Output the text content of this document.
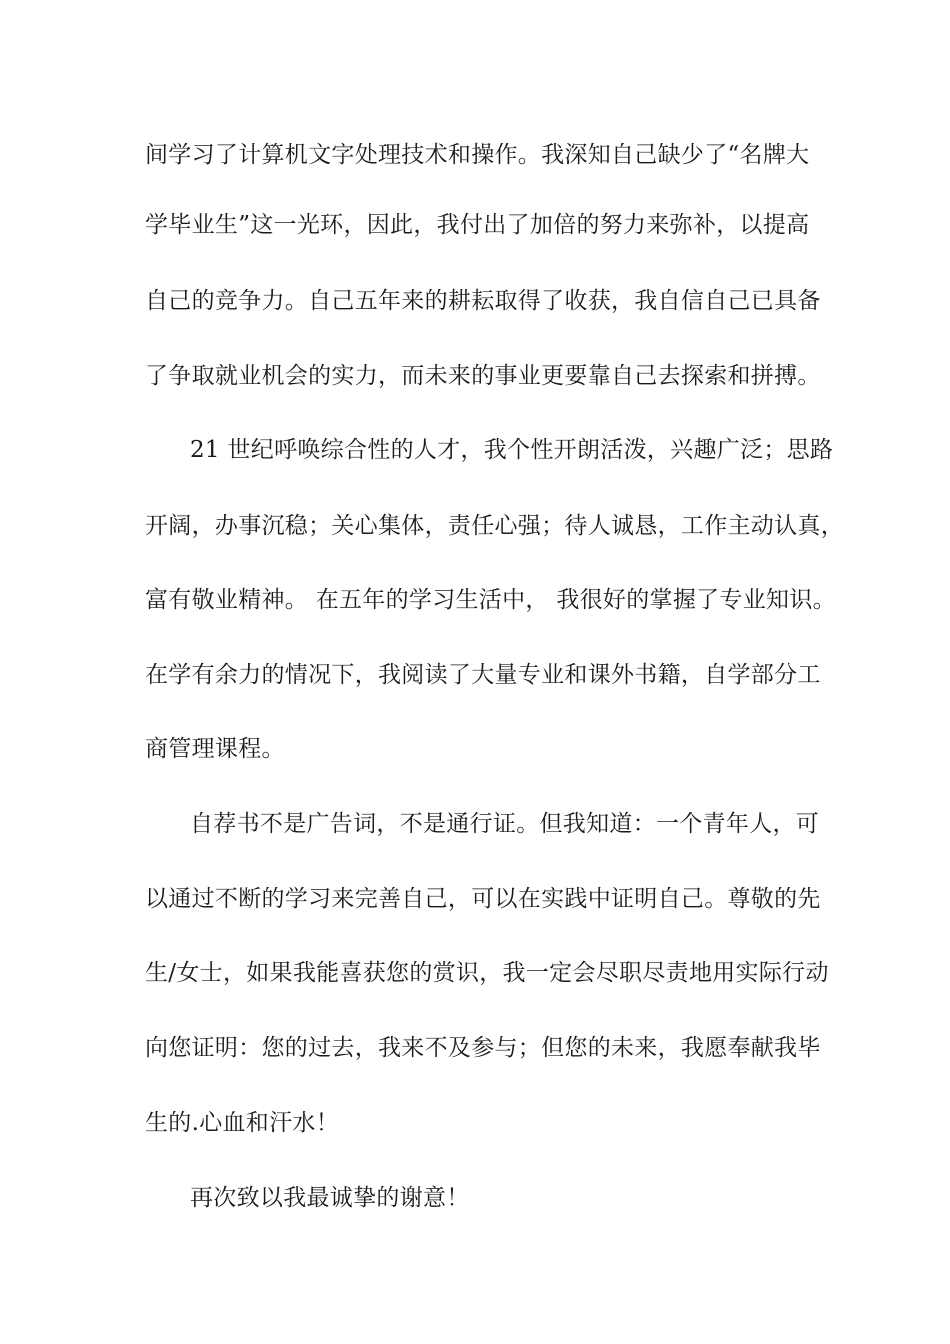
间学习了计算机文字处理技术和操作。我深知自己缺少了“名牌大
学毕业生”这一光环，因此，我付出了加倍的努力来弥补，以提高
自己的竞争力。自己五年来的耕耘取得了收获，我自信自己已具备
了争取就业机会的实力，而未来的事业更要靠自己去探索和拼搏。
21 世纪呼唤综合性的人才，我个性开朗活泼，兴趣广泛；思路
开阔，办事沉稳；关心集体，责任心强；待人诚恳，工作主动认真，
富有敬业精神。 在五年的学习生活中， 我很好的掌握了专业知识。
在学有余力的情况下，我阅读了大量专业和课外书籍，自学部分工
商管理课程。
自荐书不是广告词，不是通行证。但我知道：一个青年人，可
以通过不断的学习来完善自己，可以在实践中证明自己。尊敬的先
生/女士，如果我能喜获您的赏识，我一定会尽职尽责地用实际行动
向您证明：您的过去，我来不及参与；但您的未来，我愿奉献我毕
生的.心血和汗水！
再次致以我最诚挚的谢意！
